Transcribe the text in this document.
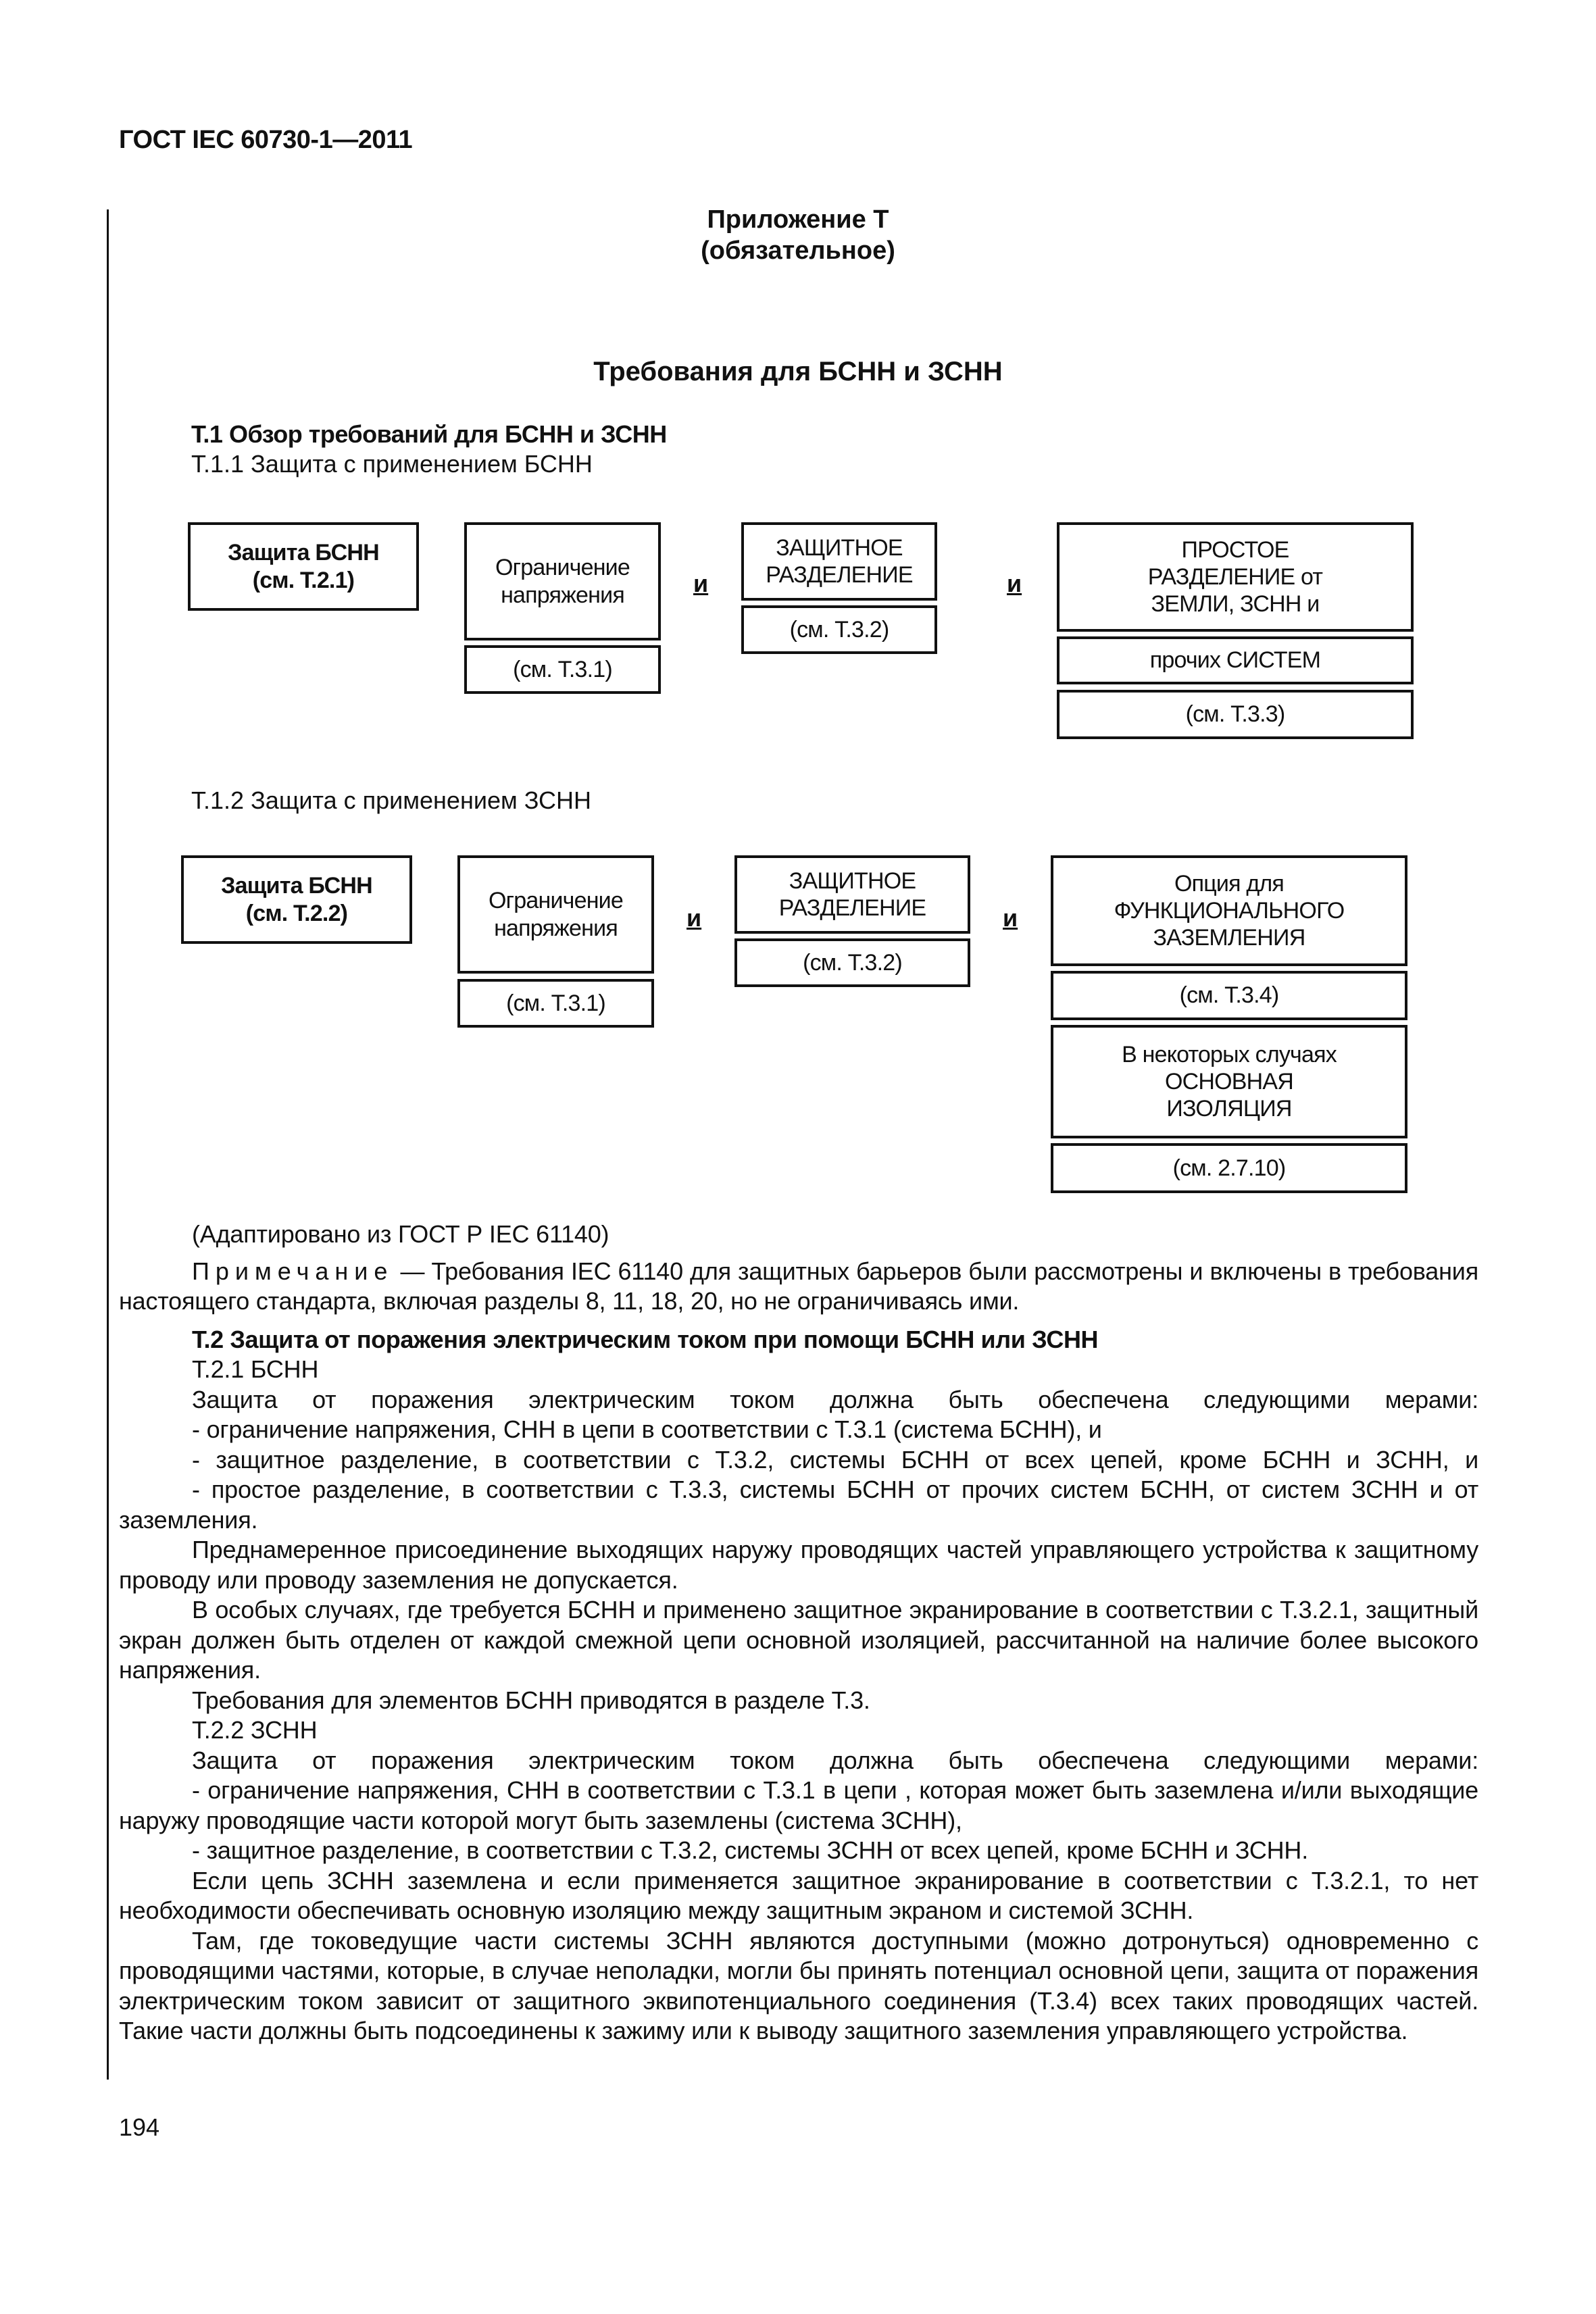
ГОСТ IEC 60730-1—2011
Приложение Т
(обязательное)
Требования для БСНН и ЗСНН
Т.1 Обзор требований для БСНН и ЗСНН
Т.1.1 Защита с применением БСНН
Защита БСНН
(см. Т.2.1)	Ограничение
напряжения
(см. Т.3.1)
и
ЗАЩИТНОЕ
РАЗДЕЛЕНИЕ
(см. Т.3.2)
и
ПРОСТОЕ
РАЗДЕЛЕНИЕ от
ЗЕМЛИ, ЗСНН и
прочих СИСТЕМ
(см. Т.3.3)
Т.1.2 Защита с применением ЗСНН
Защита БСНН
(см. Т.2.2)	Ограничение
напряжения
(см. Т.3.1)
и
ЗАЩИТНОЕ
РАЗДЕЛЕНИЕ
(см. Т.3.2)
и
Опция для
ФУНКЦИОНАЛЬНОГО
ЗАЗЕМЛЕНИЯ
(см. Т.3.4)
В некоторых случаях
ОСНОВНАЯ
ИЗОЛЯЦИЯ
(см. 2.7.10)

(Адаптировано из ГОСТ Р IEC 61140)

Примечание — Требования IEC 61140 для защитных барьеров были рассмотрены и включены в требования настоящего стандарта, включая разделы 8, 11, 18, 20, но не ограничиваясь ими.

Т.2 Защита от поражения электрическим током при помощи БСНН или ЗСНН

Т.2.1 БСНН

Защита от поражения электрическим током должна быть обеспечена следующими мерами:

- ограничение напряжения, СНН в цепи в соответствии с Т.3.1 (система БСНН), и

- защитное разделение, в соответствии с Т.3.2, системы БСНН от всех цепей, кроме БСНН и ЗСНН, и

- простое разделение, в соответствии с Т.3.3, системы БСНН от прочих систем БСНН, от систем ЗСНН и от заземления.

Преднамеренное присоединение выходящих наружу проводящих частей управляющего устройства к защитному проводу или проводу заземления не допускается.

В особых случаях, где требуется БСНН и применено защитное экранирование в соответствии с Т.3.2.1, защитный экран должен быть отделен от каждой смежной цепи основной изоляцией, рассчитанной на наличие более высокого напряжения.

Требования для элементов БСНН приводятся в разделе Т.3.

Т.2.2 ЗСНН

Защита от поражения электрическим током должна быть обеспечена следующими мерами:

- ограничение напряжения, СНН в соответствии с Т.3.1 в цепи , которая может быть заземлена и/или выходящие наружу проводящие части которой могут быть заземлены (система ЗСНН),

- защитное разделение, в соответствии с Т.3.2, системы ЗСНН от всех цепей, кроме БСНН и ЗСНН.

Если цепь ЗСНН заземлена и если применяется защитное экранирование в соответствии с Т.3.2.1, то нет необходимости обеспечивать основную изоляцию между защитным экраном и системой ЗСНН.

Там, где токоведущие части системы ЗСНН являются доступными (можно дотронуться) одновременно с проводящими частями, которые, в случае неполадки, могли бы принять потенциал основной цепи, защита от поражения электрическим током зависит от защитного эквипотенциального соединения (Т.3.4) всех таких проводящих частей. Такие части должны быть подсоединены к зажиму или к выводу защитного заземления управляющего устройства.

194
